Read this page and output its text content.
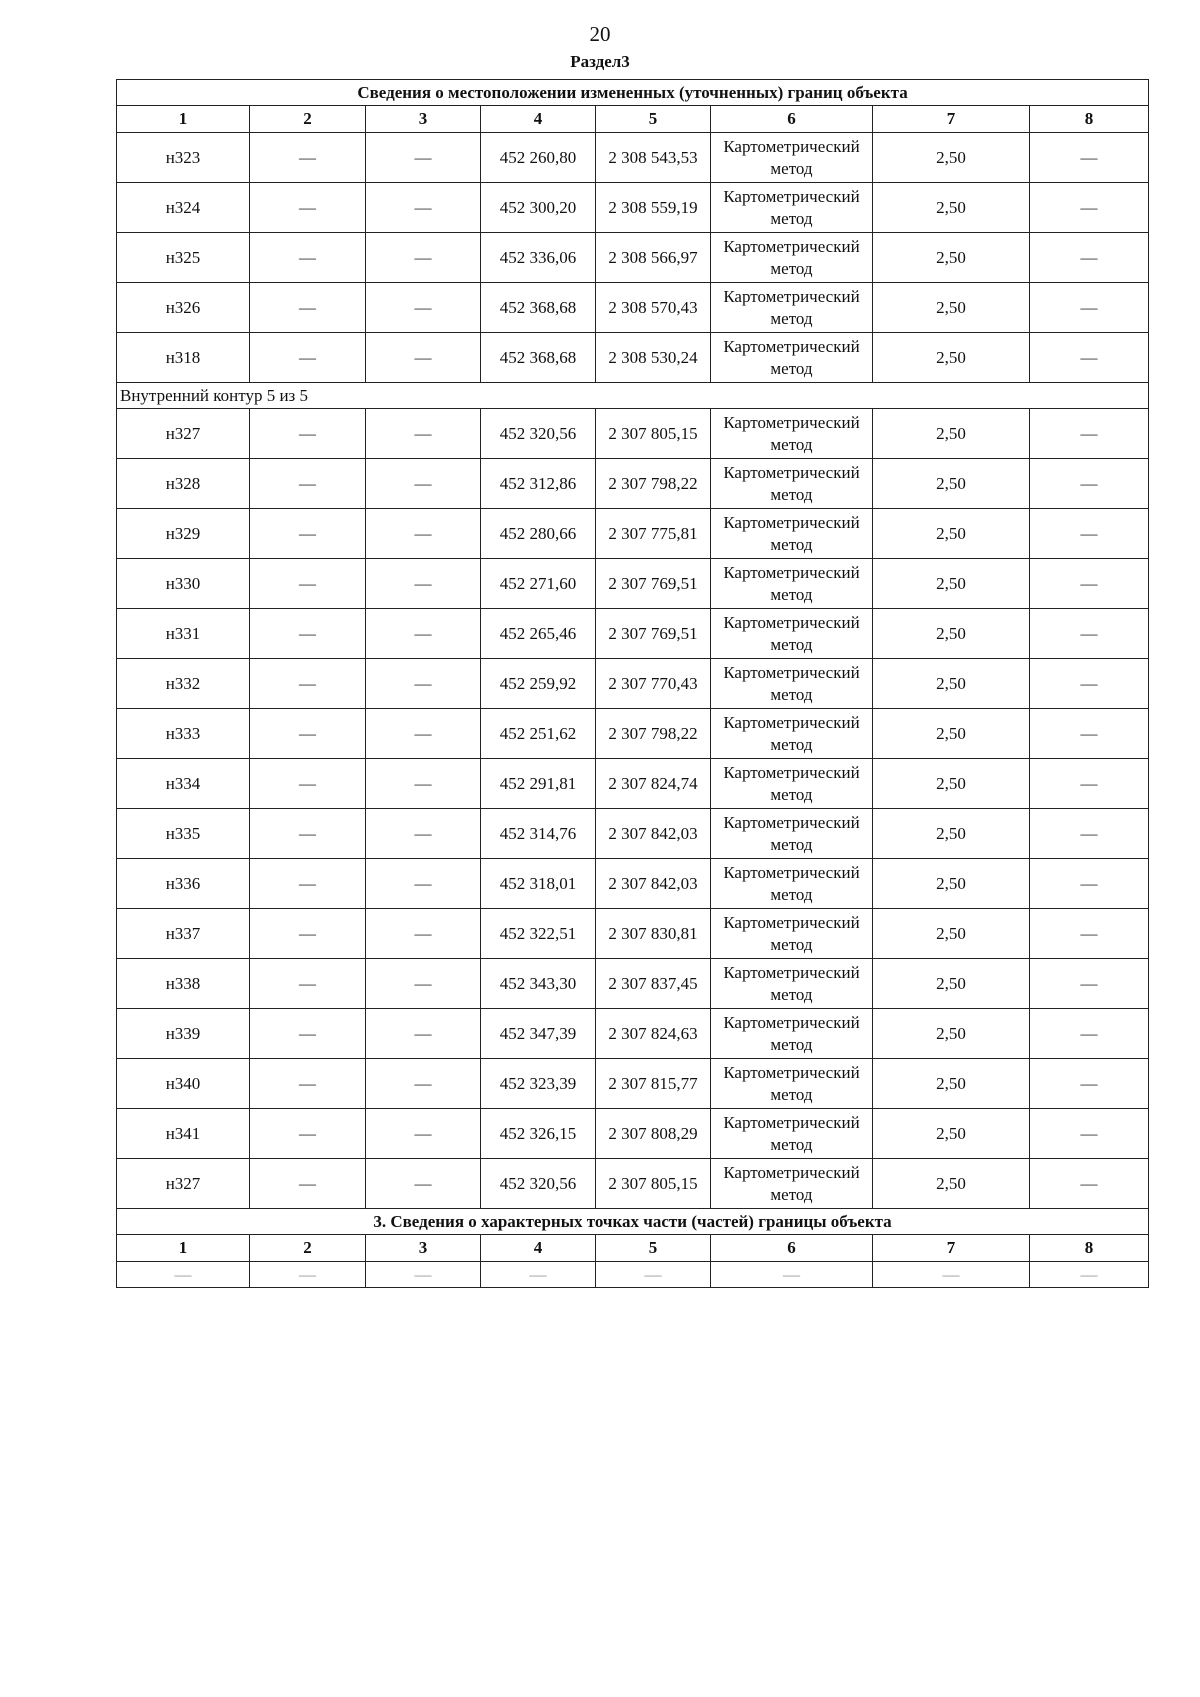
20
Раздел3
Сведения о местоположении измененных (уточненных) границ объекта							
1	2	3	4	5	6	7	8
н323	—	—	452 260,80	2 308 543,53	Картометрический метод	2,50	—
н324	—	—	452 300,20	2 308 559,19	Картометрический метод	2,50	—
н325	—	—	452 336,06	2 308 566,97	Картометрический метод	2,50	—
н326	—	—	452 368,68	2 308 570,43	Картометрический метод	2,50	—
н318	—	—	452 368,68	2 308 530,24	Картометрический метод	2,50	—
Внутренний контур 5 из 5							
н327	—	—	452 320,56	2 307 805,15	Картометрический метод	2,50	—
н328	—	—	452 312,86	2 307 798,22	Картометрический метод	2,50	—
н329	—	—	452 280,66	2 307 775,81	Картометрический метод	2,50	—
н330	—	—	452 271,60	2 307 769,51	Картометрический метод	2,50	—
н331	—	—	452 265,46	2 307 769,51	Картометрический метод	2,50	—
н332	—	—	452 259,92	2 307 770,43	Картометрический метод	2,50	—
н333	—	—	452 251,62	2 307 798,22	Картометрический метод	2,50	—
н334	—	—	452 291,81	2 307 824,74	Картометрический метод	2,50	—
н335	—	—	452 314,76	2 307 842,03	Картометрический метод	2,50	—
н336	—	—	452 318,01	2 307 842,03	Картометрический метод	2,50	—
н337	—	—	452 322,51	2 307 830,81	Картометрический метод	2,50	—
н338	—	—	452 343,30	2 307 837,45	Картометрический метод	2,50	—
н339	—	—	452 347,39	2 307 824,63	Картометрический метод	2,50	—
н340	—	—	452 323,39	2 307 815,77	Картометрический метод	2,50	—
н341	—	—	452 326,15	2 307 808,29	Картометрический метод	2,50	—
н327	—	—	452 320,56	2 307 805,15	Картометрический метод	2,50	—
3. Сведения о характерных точках части (частей) границы объекта							
1	2	3	4	5	6	7	8
—	—	—	—	—	—	—	—
